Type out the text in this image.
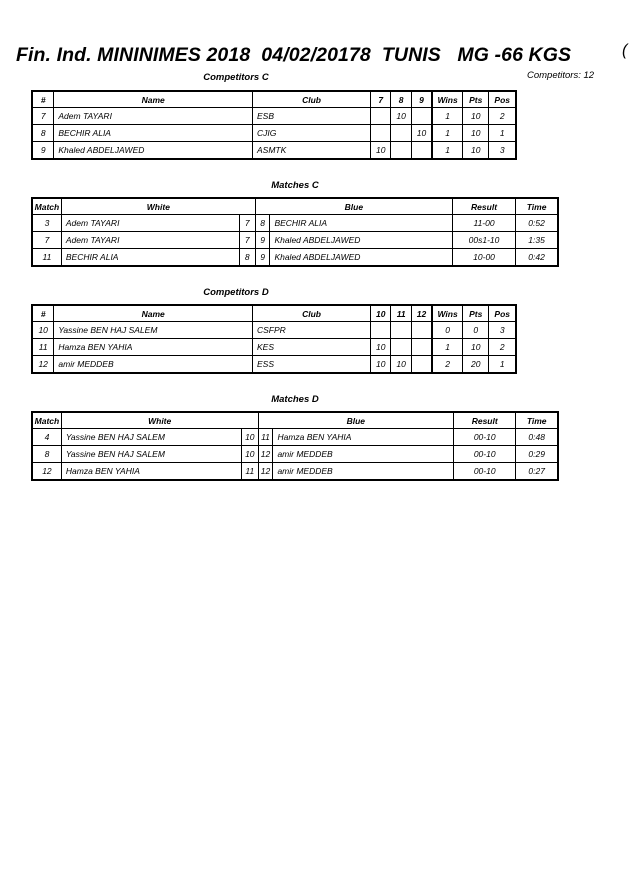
Fin. Ind. MININIMES 2018  04/02/20178  TUNIS   MG -66 KGS	(
Competitors: 12
Competitors C
#	Name	Club	7	8	9	Wins	Pts	Pos
7	Adem TAYARI	ESB		10		1	10	2
8	BECHIR ALIA	CJIG			10	1	10	1
9	Khaled ABDELJAWED	ASMTK	10			1	10	3
Matches C
Match	White		Blue		Result	Time
3	Adem TAYARI	7	8	BECHIR ALIA	11-00	0:52
7	Adem TAYARI	7	9	Khaled ABDELJAWED	00s1-10	1:35
11	BECHIR ALIA	8	9	Khaled ABDELJAWED	10-00	0:42
Competitors D
#	Name	Club	10	11	12	Wins	Pts	Pos
10	Yassine BEN HAJ SALEM	CSFPR				0	0	3
11	Hamza BEN YAHIA	KES	10			1	10	2
12	amir MEDDEB	ESS	10	10		2	20	1
Matches D
Match	White		Blue		Result	Time
4	Yassine BEN HAJ SALEM	10	11	Hamza BEN YAHIA	00-10	0:48
8	Yassine BEN HAJ SALEM	10	12	amir MEDDEB	00-10	0:29
12	Hamza BEN YAHIA	11	12	amir MEDDEB	00-10	0:27
